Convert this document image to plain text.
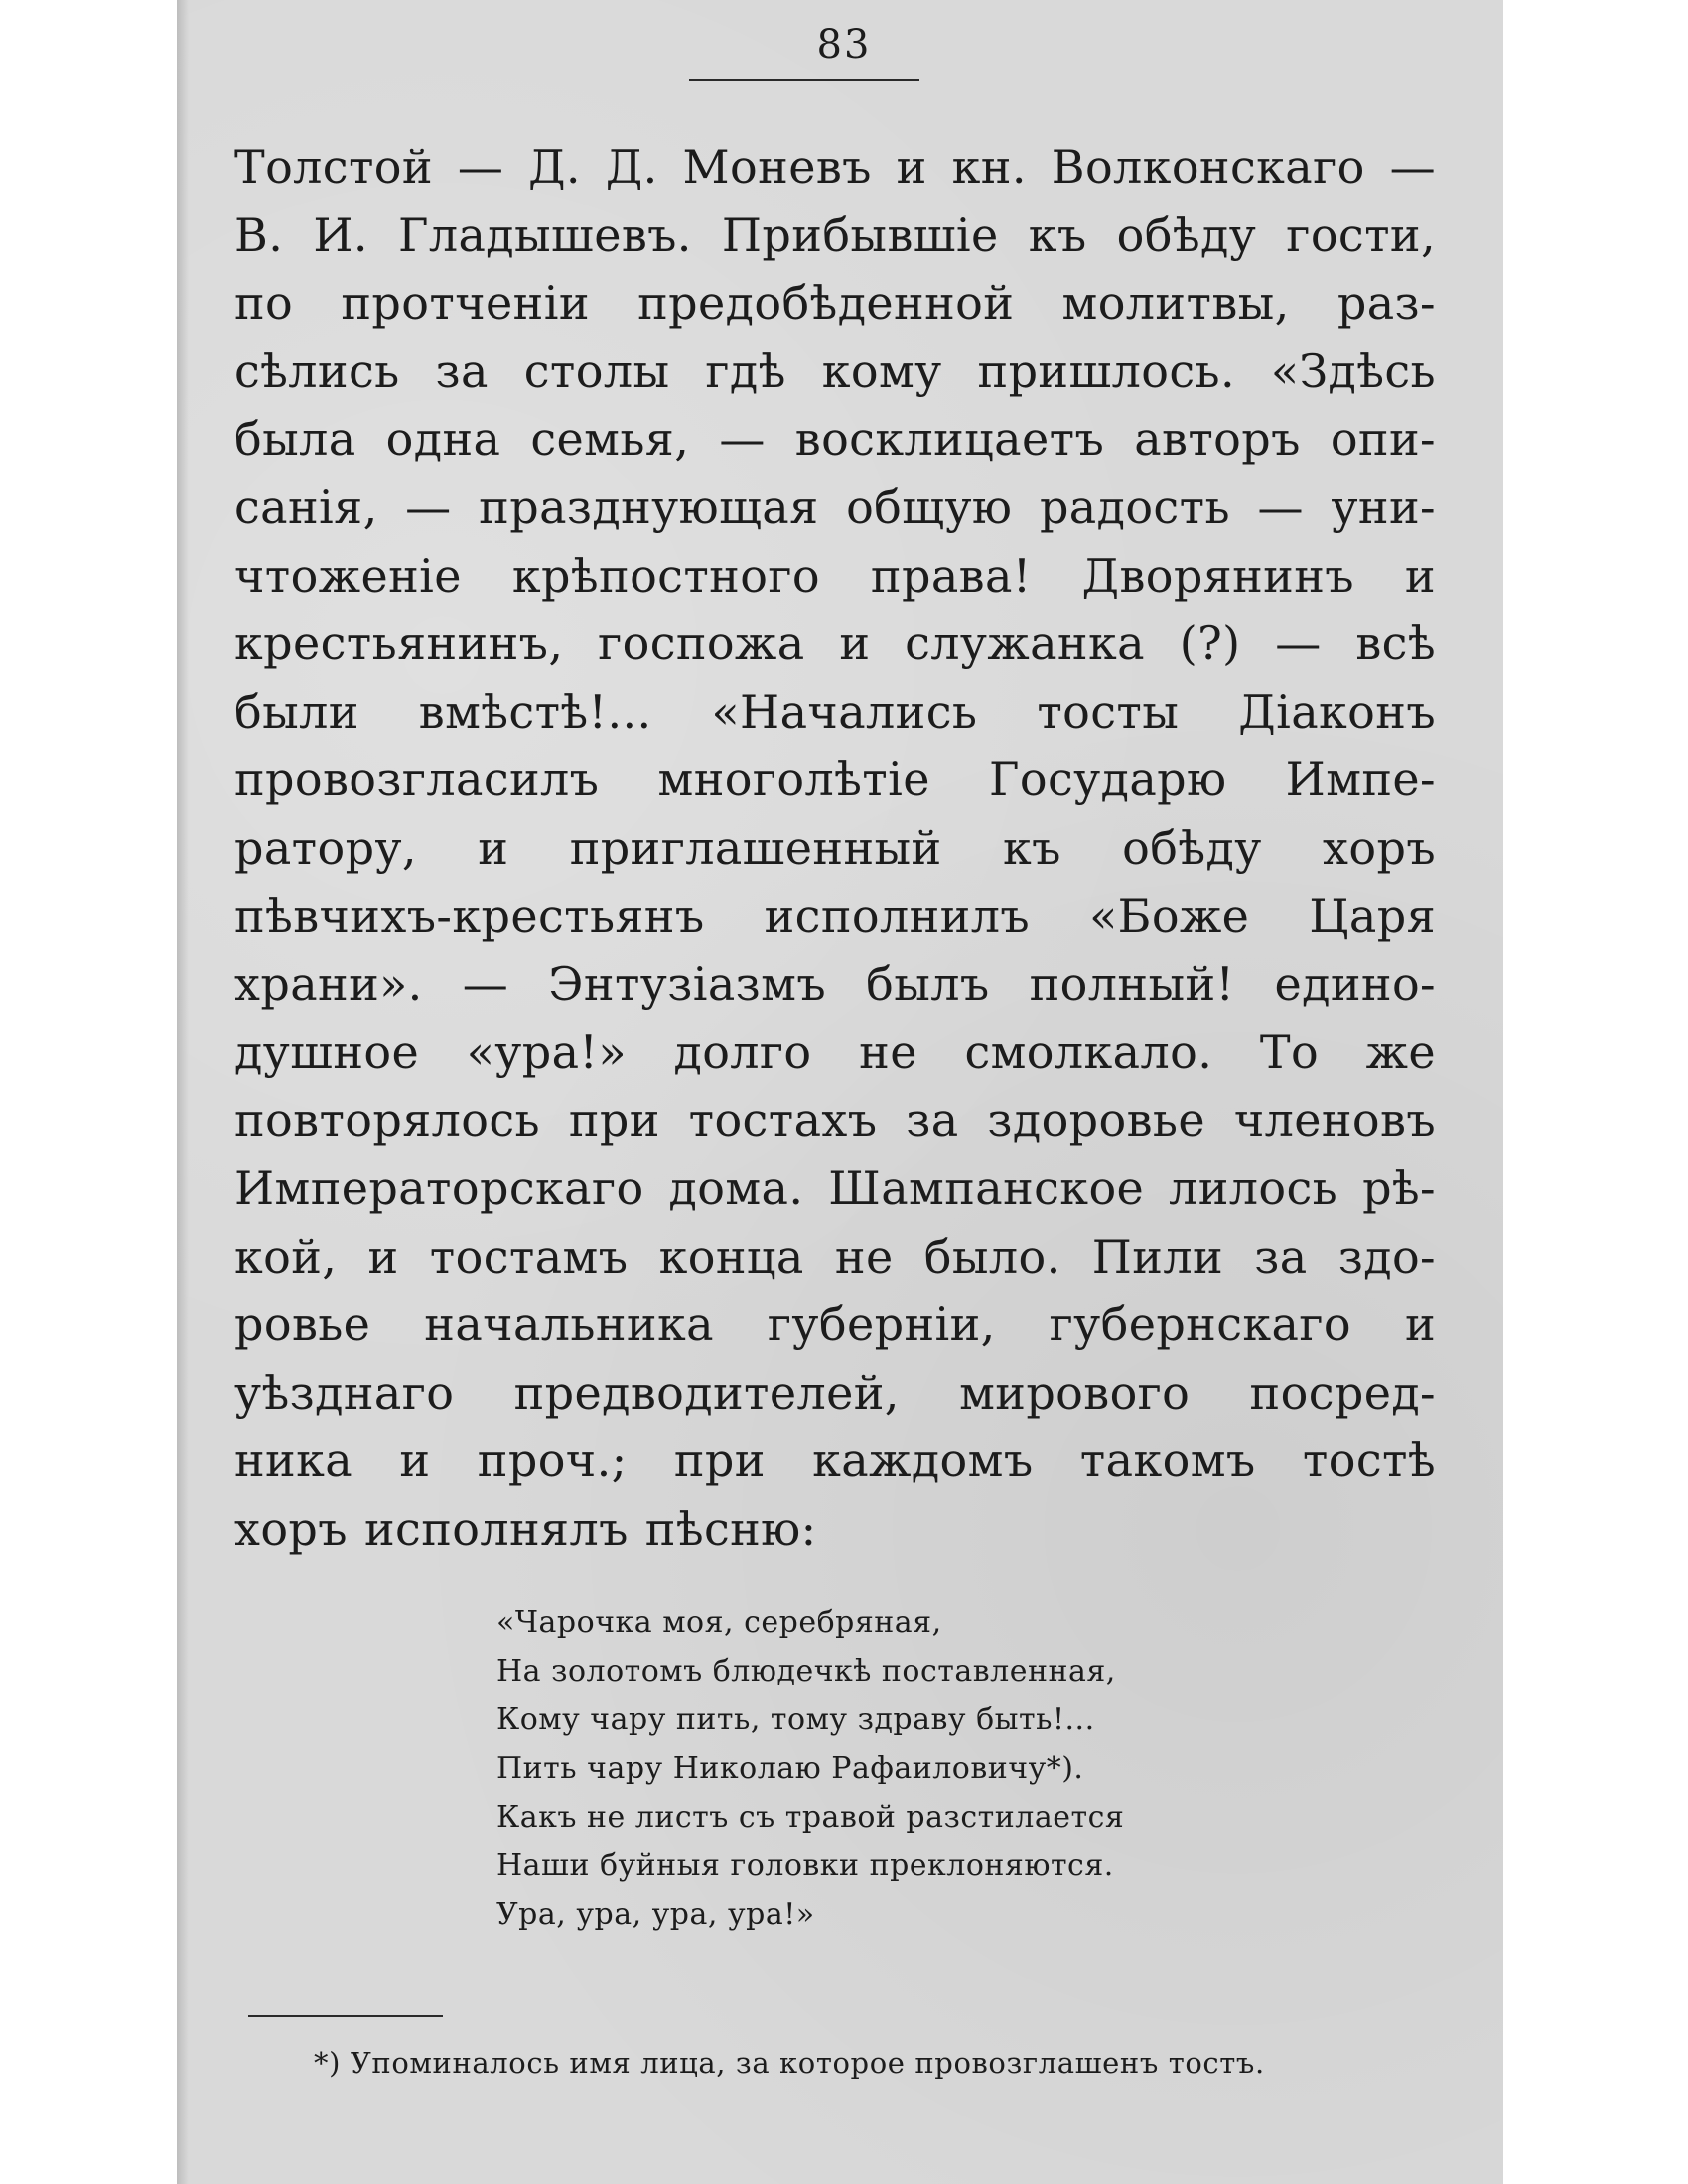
83
Толстой — Д. Д. Моневъ и кн. Волконскаго —
В. И. Гладышевъ. Прибывшіе къ обѣду гости,
по протченіи предобѣденной молитвы, раз-
сѣлись за столы гдѣ кому пришлось. «Здѣсь
была одна семья, — восклицаетъ авторъ опи-
санія, — празднующая общую радость — уни-
чтоженіе крѣпостного права! Дворянинъ и
крестьянинъ, госпожа и служанка (?) — всѣ
были вмѣстѣ!... «Начались тосты Діаконъ
провозгласилъ многолѣтіе Государю Импе-
ратору, и приглашенный къ обѣду хоръ
пѣвчихъ-крестьянъ исполнилъ «Боже Царя
храни». — Энтузіазмъ былъ полный! едино-
душное «ура!» долго не смолкало. То же
повторялось при тостахъ за здоровье членовъ
Императорскаго дома. Шампанское лилось рѣ-
кой, и тостамъ конца не было. Пили за здо-
ровье начальника губерніи, губернскаго и
уѣзднаго предводителей, мирового посред-
ника и проч.; при каждомъ такомъ тостѣ
хоръ исполнялъ пѣсню:
«Чарочка моя, серебряная,
На золотомъ блюдечкѣ поставленная,
Кому чару пить, тому здраву быть!...
Пить чару Николаю Рафаиловичу*).
Какъ не листъ съ травой разстилается
Наши буйныя головки преклоняются.
Ура, ура, ура, ура!»

*) Упоминалось имя лица, за которое провозглашенъ тостъ.
